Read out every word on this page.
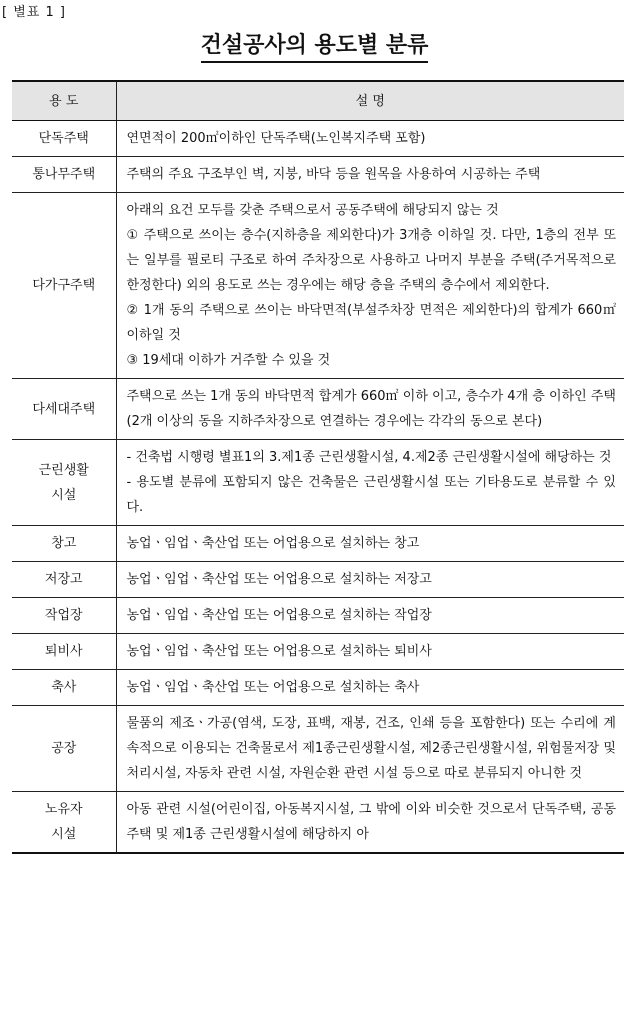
[ 별표 1 ]
건설공사의 용도별 분류
용 도	설 명

단독주택	연면적이 200㎡이하인 단독주택(노인복지주택 포함)

통나무주택	주택의 주요 구조부인 벽, 지붕, 바닥 등을 원목을 사용하여 시공하는 주택

다가구주택	아래의 요건 모두를 갖춘 주택으로서 공동주택에 해당되지 않는 것
① 주택으로 쓰이는 층수(지하층을 제외한다)가 3개층 이하일 것. 다만, 1층의 전부 또는 일부를 필로티 구조로 하여 주차장으로 사용하고 나머지 부분을 주택(주거목적으로 한정한다) 외의 용도로 쓰는 경우에는 해당 층을 주택의 층수에서 제외한다.
② 1개 동의 주택으로 쓰이는 바닥면적(부설주차장 면적은 제외한다)의 합계가 660㎡ 이하일 것
③ 19세대 이하가 거주할 수 있을 것

다세대주택	주택으로 쓰는 1개 동의 바닥면적 합계가 660㎡ 이하 이고, 층수가 4개 층 이하인 주택(2개 이상의 동을 지하주차장으로 연결하는 경우에는 각각의 동으로 본다)

근린생활
시설	- 건축법 시행령 별표1의 3.제1종 근린생활시설, 4.제2종 근린생활시설에 해당하는 것
- 용도별 분류에 포함되지 않은 건축물은 근린생활시설 또는 기타용도로 분류할 수 있다.

창고	농업ㆍ임업ㆍ축산업 또는 어업용으로 설치하는 창고

저장고	농업ㆍ임업ㆍ축산업 또는 어업용으로 설치하는 저장고

작업장	농업ㆍ임업ㆍ축산업 또는 어업용으로 설치하는 작업장

퇴비사	농업ㆍ임업ㆍ축산업 또는 어업용으로 설치하는 퇴비사

축사	농업ㆍ임업ㆍ축산업 또는 어업용으로 설치하는 축사

공장	물품의 제조ㆍ가공(염색, 도장, 표백, 재봉, 건조, 인쇄 등을 포함한다) 또는 수리에 계속적으로 이용되는 건축물로서 제1종근린생활시설, 제2종근린생활시설, 위험물저장 및 처리시설, 자동차 관련 시설, 자원순환 관련 시설 등으로 따로 분류되지 아니한 것

노유자
시설	아동 관련 시설(어린이집, 아동복지시설, 그 밖에 이와 비슷한 것으로서 단독주택, 공동주택 및 제1종 근린생활시설에 해당하지 아
